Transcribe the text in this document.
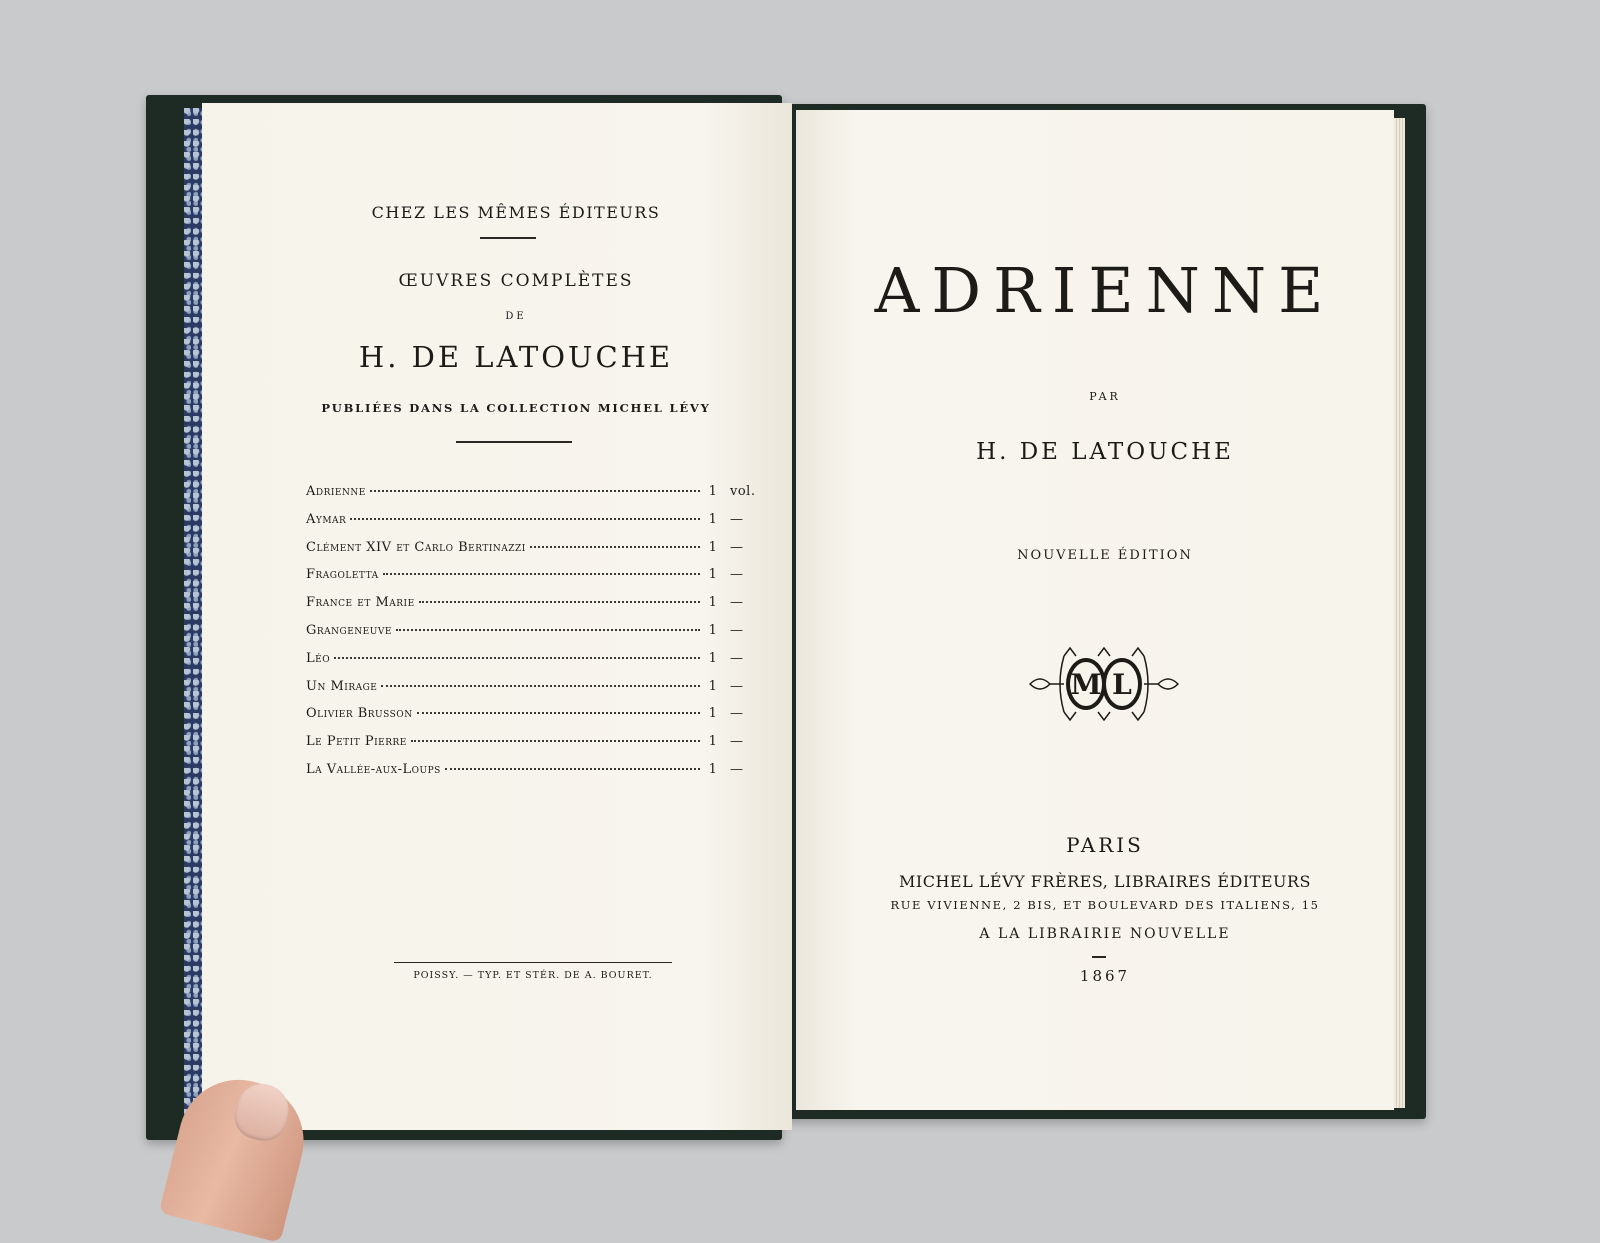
CHEZ LES MÊMES ÉDITEURS
ŒUVRES COMPLÈTES
DE
H. DE LATOUCHE
PUBLIÉES DANS LA COLLECTION MICHEL LÉVY
Adrienne	1 vol.
Aymar	1 —
Clément XIV et Carlo Bertinazzi	1 —
Fragoletta	1 —
France et Marie	1 —
Grangeneuve	1 —
Léo	1 —
Un Mirage	1 —
Olivier Brusson	1 —
Le Petit Pierre	1 —
La Vallée-aux-Loups	1 —
POISSY. — TYP. ET STÉR. DE A. BOURET.
ADRIENNE
PAR
H. DE LATOUCHE
NOUVELLE ÉDITION
M L
PARIS
MICHEL LÉVY FRÈRES, LIBRAIRES ÉDITEURS
RUE VIVIENNE, 2 BIS, ET BOULEVARD DES ITALIENS, 15
A LA LIBRAIRIE NOUVELLE
1867
